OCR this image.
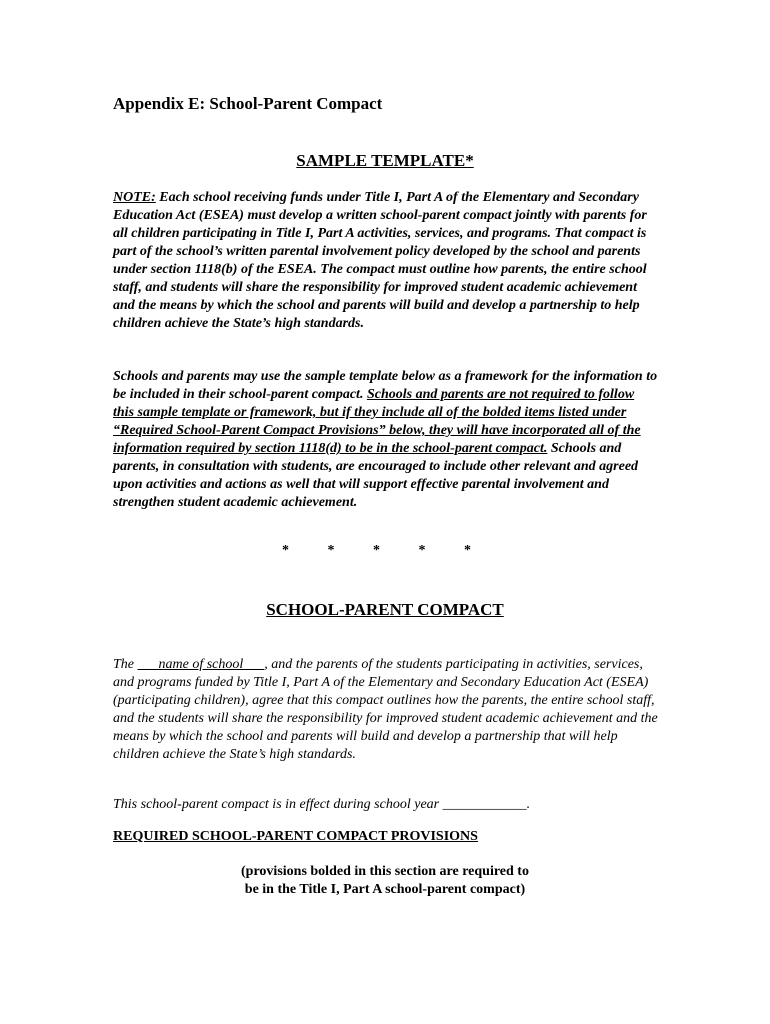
Appendix E: School-Parent Compact
SAMPLE TEMPLATE*

NOTE: Each school receiving funds under Title I, Part A of the Elementary and Secondary Education Act (ESEA) must develop a written school-parent compact jointly with parents for all children participating in Title I, Part A activities, services, and programs. That compact is part of the school’s written parental involvement policy developed by the school and parents under section 1118(b) of the ESEA. The compact must outline how parents, the entire school staff, and students will share the responsibility for improved student academic achievement and the means by which the school and parents will build and develop a partnership to help children achieve the State’s high standards.

Schools and parents may use the sample template below as a framework for the information to be included in their school-parent compact. Schools and parents are not required to follow this sample template or framework, but if they include all of the bolded items listed under “Required School-Parent Compact Provisions” below, they will have incorporated all of the information required by section 1118(d) to be in the school-parent compact. Schools and parents, in consultation with students, are encouraged to include other relevant and agreed upon activities and actions as well that will support effective parental involvement and strengthen student academic achievement.

*	*	*	*	*
SCHOOL-PARENT COMPACT

The       name of school      , and the parents of the students participating in activities, services, and programs funded by Title I, Part A of the Elementary and Secondary Education Act (ESEA) (participating children), agree that this compact outlines how the parents, the entire school staff, and the students will share the responsibility for improved student academic achievement and the means by which the school and parents will build and develop a partnership that will help children achieve the State’s high standards.

This school-parent compact is in effect during school year ____________.

REQUIRED SCHOOL-PARENT COMPACT PROVISIONS
(provisions bolded in this section are required to
be in the Title I, Part A school-parent compact)
